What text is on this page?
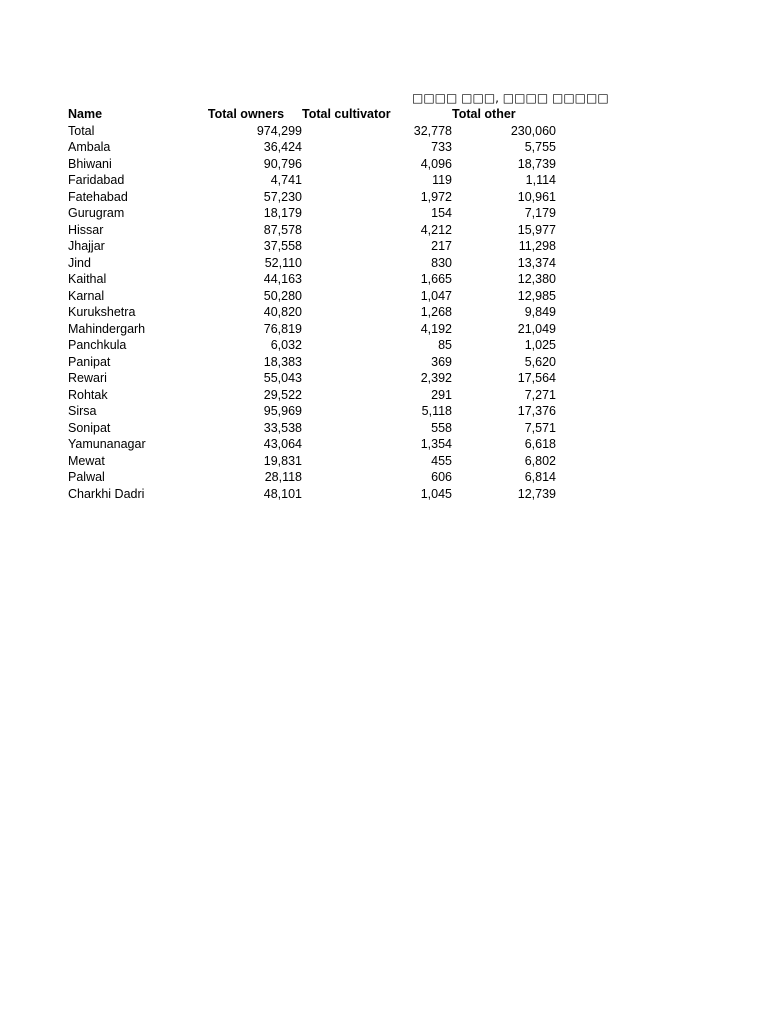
□□□□ □□□, □□□□ □□□□□
Name	Total owners	Total cultivator	Total other
Total	974,299	32,778	230,060
Ambala	36,424	733	5,755
Bhiwani	90,796	4,096	18,739
Faridabad	4,741	119	1,114
Fatehabad	57,230	1,972	10,961
Gurugram	18,179	154	7,179
Hissar	87,578	4,212	15,977
Jhajjar	37,558	217	11,298
Jind	52,110	830	13,374
Kaithal	44,163	1,665	12,380
Karnal	50,280	1,047	12,985
Kurukshetra	40,820	1,268	9,849
Mahindergarh	76,819	4,192	21,049
Panchkula	6,032	85	1,025
Panipat	18,383	369	5,620
Rewari	55,043	2,392	17,564
Rohtak	29,522	291	7,271
Sirsa	95,969	5,118	17,376
Sonipat	33,538	558	7,571
Yamunanagar	43,064	1,354	6,618
Mewat	19,831	455	6,802
Palwal	28,118	606	6,814
Charkhi Dadri	48,101	1,045	12,739
